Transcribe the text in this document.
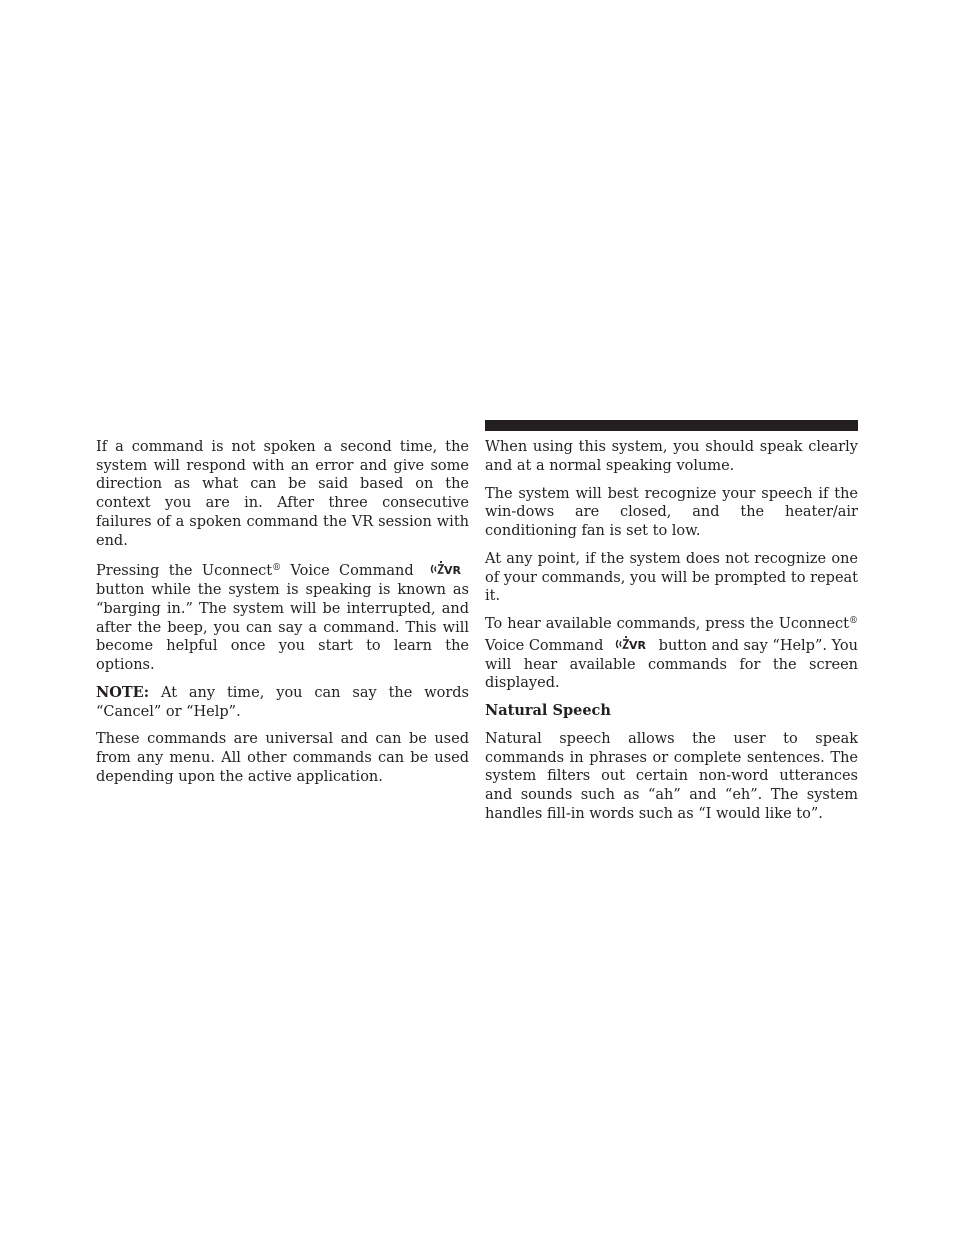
If a command is not spoken a second time, the system will respond with an error and give some direction as what can be said based on the context you are in. After three consecutive failures of a spoken command the VR session with end.

Pressing the Uconnect® Voice Command VR
button while the system is speaking is known as “barging in.” The system will be interrupted, and after the beep, you can say a command. This will become helpful once you start to learn the options.

NOTE: At any time, you can say the words “Cancel” or “Help”.

These commands are universal and can be used from any menu. All other commands can be used depending upon the active application.

When using this system, you should speak clearly and at a normal speaking volume.

The system will best recognize your speech if the win-dows are closed, and the heater/air conditioning fan is set to low.

At any point, if the system does not recognize one of your commands, you will be prompted to repeat it.

To hear available commands, press the Uconnect® Voice Command VR button and say “Help”. You will hear available commands for the screen displayed.

Natural Speech

Natural speech allows the user to speak commands in phrases or complete sentences. The system filters out certain non-word utterances and sounds such as “ah” and “eh”. The system handles fill-in words such as “I would like to”.
